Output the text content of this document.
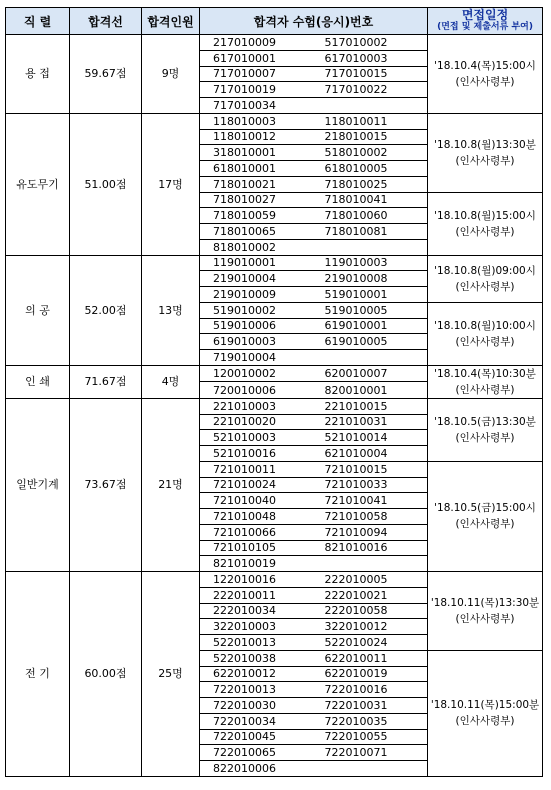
직 렬	합격선	합격인원	합격자 수험(응시)번호		면접일정
(면접 및 제출서류 부여)

용 접	59.67점	9명	217010009	517010002	'18.10.4(목)15:00시
(인사사령부)

			617010001	617010003	
			717010007	717010015	
			717010019	717010022	
			717010034		
유도무기	51.00점	17명	118010003	118010011	'18.10.8(월)13:30분
(인사사령부)

			118010012	218010015	
			318010001	518010002	
			618010001	618010005	
			718010021	718010025	
			718010027	718010041	'18.10.8(월)15:00시
(인사사령부)

			718010059	718010060	
			718010065	718010081	
			818010002		
의 공	52.00점	13명	119010001	119010003	'18.10.8(월)09:00시
(인사사령부)

			219010004	219010008	
			219010009	519010001	
			519010002	519010005	'18.10.8(월)10:00시
(인사사령부)

			519010006	619010001	
			619010003	619010005	
			719010004		
인 쇄	71.67점	4명	120010002	620010007	'18.10.4(목)10:30분
(인사사령부)

			720010006	820010001	
일반기계	73.67점	21명	221010003	221010015	'18.10.5(금)13:30분
(인사사령부)

			221010020	221010031	
			521010003	521010014	
			521010016	621010004	
			721010011	721010015	'18.10.5(금)15:00시
(인사사령부)

			721010024	721010033	
			721010040	721010041	
			721010048	721010058	
			721010066	721010094	
			721010105	821010016	
			821010019		
전 기	60.00점	25명	122010016	222010005	'18.10.11(목)13:30분
(인사사령부)

			222010011	222010021	
			222010034	222010058	
			322010003	322010012	
			522010013	522010024	
			522010038	622010011	'18.10.11(목)15:00분
(인사사령부)

			622010012	622010019	
			722010013	722010016	
			722010030	722010031	
			722010034	722010035	
			722010045	722010055	
			722010065	722010071	
			822010006		
